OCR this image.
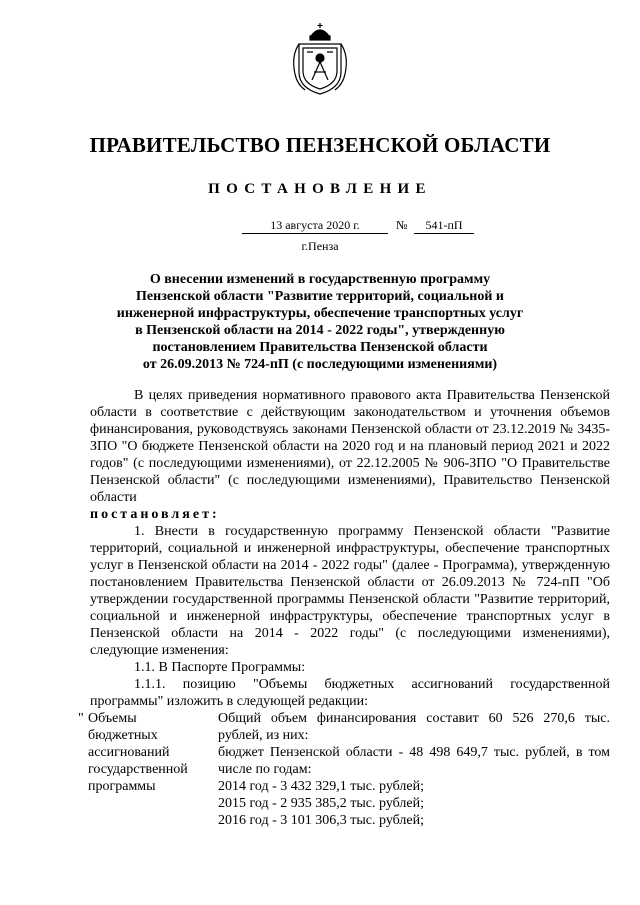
ПРАВИТЕЛЬСТВО ПЕНЗЕНСКОЙ ОБЛАСТИ
ПОСТАНОВЛЕНИЕ
13 августа 2020 г.	№	541-пП
г.Пенза
О внесении изменений в государственную программу
Пензенской области "Развитие территорий, социальной и
инженерной инфраструктуры, обеспечение транспортных услуг
в Пензенской области на 2014 - 2022 годы", утвержденную
постановлением Правительства Пензенской области
от 26.09.2013 № 724-пП (с последующими изменениями)

В целях приведения нормативного правового акта Правительства Пензенской области в соответствие с действующим законодательством и уточнения объемов финансирования, руководствуясь законами Пензенской области от 23.12.2019 № 3435-ЗПО "О бюджете Пензенской области на 2020 год и на плановый период 2021 и 2022 годов" (с последующими изменениями), от 22.12.2005 № 906-ЗПО "О Правительстве Пензенской области" (с последующими изменениями), Правительство Пензенской области

постановляет:

1. Внести в государственную программу Пензенской области "Развитие территорий, социальной и инженерной инфраструктуры, обеспечение транспортных услуг в Пензенской области на 2014 - 2022 годы" (далее - Программа), утвержденную постановлением Правительства Пензенской области от 26.09.2013 № 724-пП "Об утверждении государственной программы Пензенской области "Развитие территорий, социальной и инженерной инфраструктуры, обеспечение транспортных услуг в Пензенской области на 2014 - 2022 годы" (с последующими изменениями), следующие изменения:

1.1. В Паспорте Программы:

1.1.1. позицию "Объемы бюджетных ассигнований государственной программы" изложить в следующей редакции:

" Объемы
бюджетных
ассигнований
государственной
программы
Общий объем финансирования составит 60 526 270,6 тыс. рублей, из них:
бюджет Пензенской области - 48 498 649,7 тыс. рублей, в том числе по годам:
2014 год - 3 432 329,1 тыс. рублей;
2015 год - 2 935 385,2 тыс. рублей;
2016 год - 3 101 306,3 тыс. рублей;
